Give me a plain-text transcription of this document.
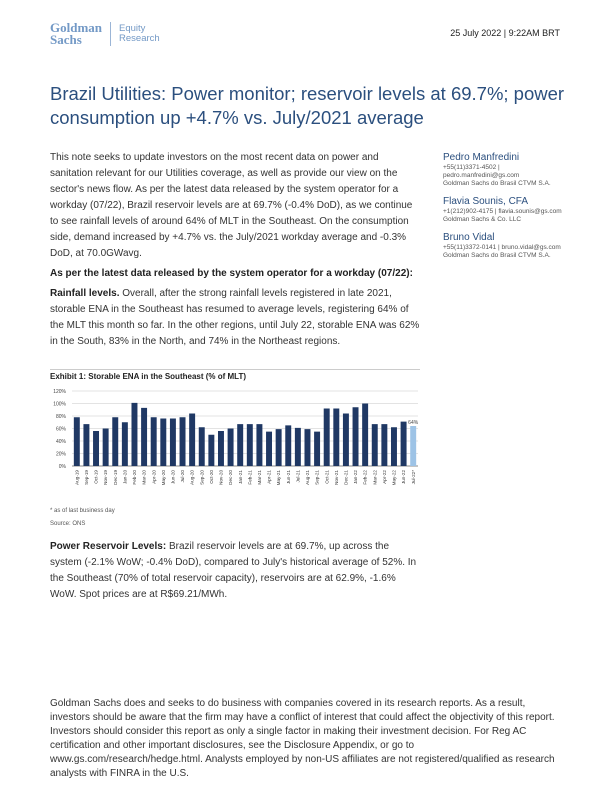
Goldman
Sachs
Equity
Research	25 July 2022 | 9:22AM BRT
Brazil Utilities: Power monitor; reservoir levels at 69.7%; power consumption up +4.7% vs. July/2021 average
This note seeks to update investors on the most recent data on power and sanitation relevant for our Utilities coverage, as well as provide our view on the sector's news flow. As per the latest data released by the system operator for a workday (07/22), Brazil reservoir levels are at 69.7% (-0.4% DoD), as we continue to see rainfall levels of around 64% of MLT in the Southeast. On the consumption side, demand increased by +4.7% vs. the July/2021 workday average and -0.3% DoD, at 70.0GWavg.
As per the latest data released by the system operator for a workday (07/22):
Rainfall levels. Overall, after the strong rainfall levels registered in late 2021, storable ENA in the Southeast has resumed to average levels, registering 64% of the MLT this month so far. In the other regions, until July 22, storable ENA was 62% in the South, 83% in the North, and 74% in the Northeast regions.
Pedro Manfredini
+55(11)3371-4502 |
pedro.manfredini@gs.com
Goldman Sachs do Brasil CTVM S.A.
Flavia Sounis, CFA
+1(212)902-4175 | flavia.sounis@gs.com
Goldman Sachs & Co. LLC
Bruno Vidal
+55(11)3372-0141 | bruno.vidal@gs.com
Goldman Sachs do Brasil CTVM S.A.
Exhibit 1: Storable ENA in the Southeast (% of MLT)
0%
20%
40%
60%
80%
100%
120%
Aug-19 Sep-19 Oct-19 Nov-19 Dec-19 Jan-20 Feb-20 Mar-20 Apr-20 May-20 Jun-20 Jul-20 Aug-20 Sep-20 Oct-20 Nov-20 Dec-20 Jan-21 Feb-21 Mar-21 Apr-21 May-21 Jun-21 Jul-21 Aug-21 Sep-21 Oct-21 Nov-21 Dec-21 Jan-22 Feb-22 Mar-22 Apr-22 May-22 Jun-22 Jul-22*
64%
* as of last business day
Source: ONS
Power Reservoir Levels: Brazil reservoir levels are at 69.7%, up across the system (-2.1% WoW; -0.4% DoD), compared to July's historical average of 52%. In the Southeast (70% of total reservoir capacity), reservoirs are at 62.9%, -1.6% WoW. Spot prices are at R$69.21/MWh.
Goldman Sachs does and seeks to do business with companies covered in its research reports. As a result, investors should be aware that the firm may have a conflict of interest that could affect the objectivity of this report. Investors should consider this report as only a single factor in making their investment decision. For Reg AC certification and other important disclosures, see the Disclosure Appendix, or go to www.gs.com/research/hedge.html. Analysts employed by non-US affiliates are not registered/qualified as research analysts with FINRA in the U.S.
